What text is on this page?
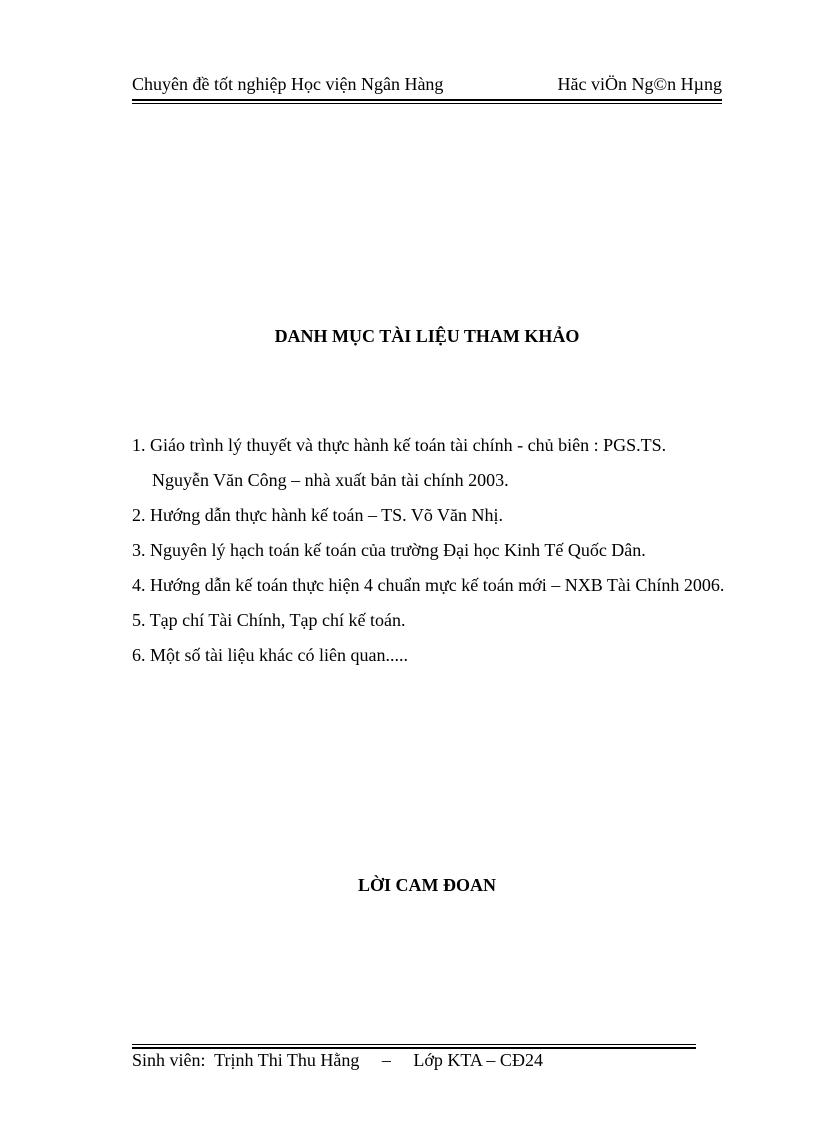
Chuyên đề tốt nghiệp Học viện Ngân Hàng	Hăc viÖn Ng©n Hµng
DANH MỤC TÀI LIỆU THAM KHẢO

1. Giáo trình lý thuyết và thực hành kế toán tài chính - chủ biên : PGS.TS.
Nguyễn Văn Công – nhà xuất bản tài chính 2003.

2. Hướng dẫn thực hành kế toán – TS. Võ Văn Nhị.

3. Nguyên lý hạch toán kế toán của trường Đại học Kinh Tế Quốc Dân.

4. Hướng dẫn kế toán thực hiện 4 chuẩn mực kế toán mới – NXB Tài Chính 2006.

5. Tạp chí Tài Chính, Tạp chí kế toán.

6. Một số tài liệu khác có liên quan.....

LỜI CAM ĐOAN
Sinh viên:  Trịnh Thi Thu Hằng     –     Lớp KTA – CĐ24
